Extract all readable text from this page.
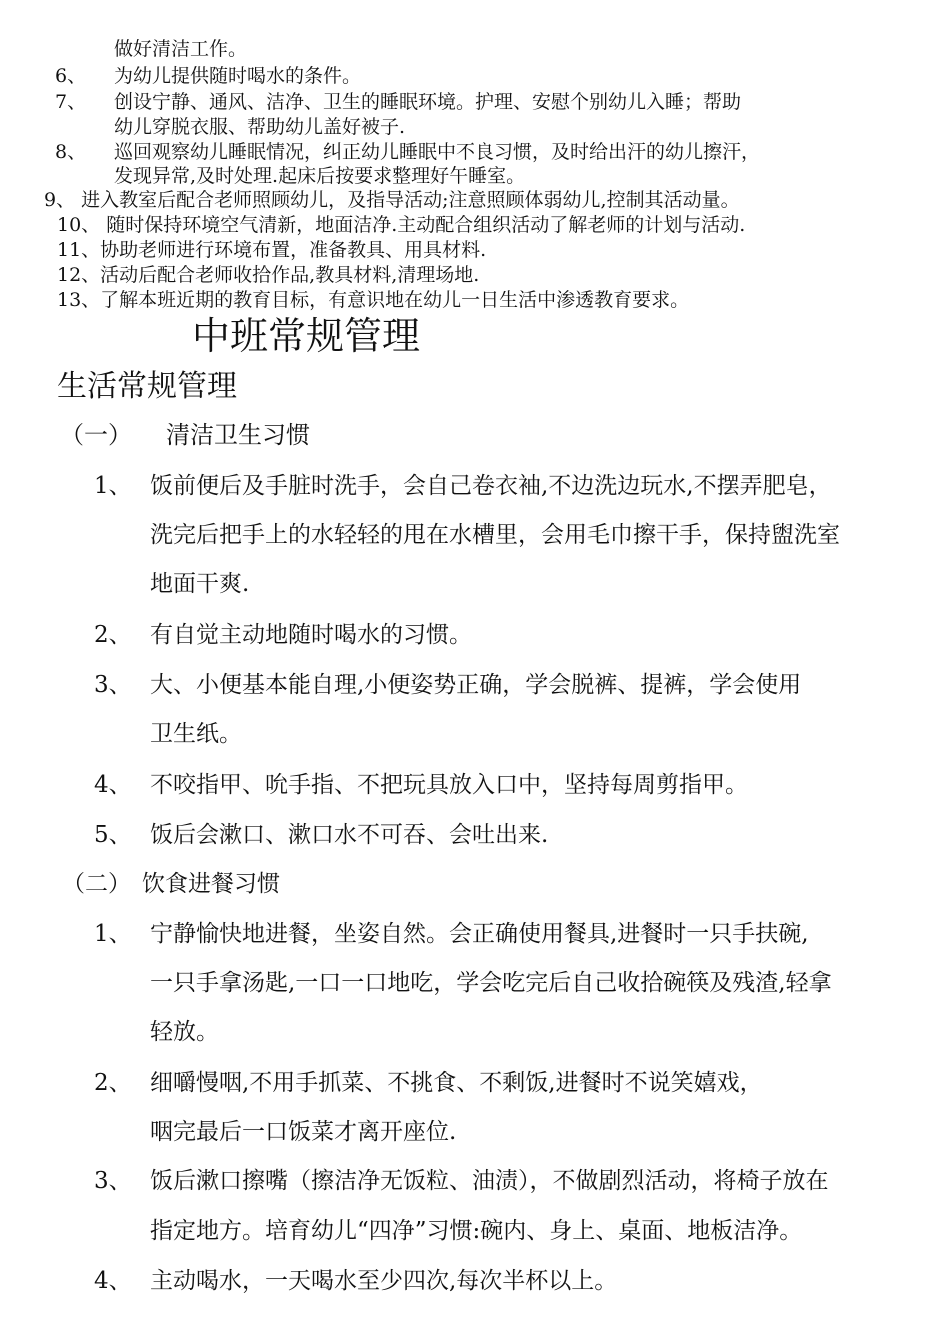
做好清洁工作。
6、 为幼儿提供随时喝水的条件。
7、 创设宁静、通风、洁净、卫生的睡眠环境。护理、安慰个别幼儿入睡；帮助
幼儿穿脱衣服、帮助幼儿盖好被子.
8、 巡回观察幼儿睡眠情况，纠正幼儿睡眠中不良习惯，及时给出汗的幼儿擦汗，
发现异常,及时处理.起床后按要求整理好午睡室。
9、 进入教室后配合老师照顾幼儿，及指导活动;注意照顾体弱幼儿,控制其活动量。
10、 随时保持环境空气清新，地面洁净.主动配合组织活动了解老师的计划与活动.
11、协助老师进行环境布置，准备教具、用具材料.
12、活动后配合老师收拾作品,教具材料,清理场地.
13、了解本班近期的教育目标，有意识地在幼儿一日生活中渗透教育要求。
中班常规管理
生活常规管理
（一） 清洁卫生习惯
1、 饭前便后及手脏时洗手，会自己卷衣袖,不边洗边玩水,不摆弄肥皂，
洗完后把手上的水轻轻的甩在水槽里，会用毛巾擦干手，保持盥洗室
地面干爽.
2、 有自觉主动地随时喝水的习惯。
3、 大、小便基本能自理,小便姿势正确，学会脱裤、提裤，学会使用
卫生纸。
4、 不咬指甲、吮手指、不把玩具放入口中，坚持每周剪指甲。
5、 饭后会漱口、漱口水不可吞、会吐出来.
（二） 饮食进餐习惯
1、 宁静愉快地进餐，坐姿自然。会正确使用餐具,进餐时一只手扶碗,
一只手拿汤匙,一口一口地吃，学会吃完后自己收拾碗筷及残渣,轻拿
轻放。
2、 细嚼慢咽,不用手抓菜、不挑食、不剩饭,进餐时不说笑嬉戏，
咽完最后一口饭菜才离开座位.
3、 饭后漱口擦嘴（擦洁净无饭粒、油渍），不做剧烈活动，将椅子放在
指定地方。培育幼儿“四净”习惯:碗内、身上、桌面、地板洁净。
4、 主动喝水，一天喝水至少四次,每次半杯以上。
